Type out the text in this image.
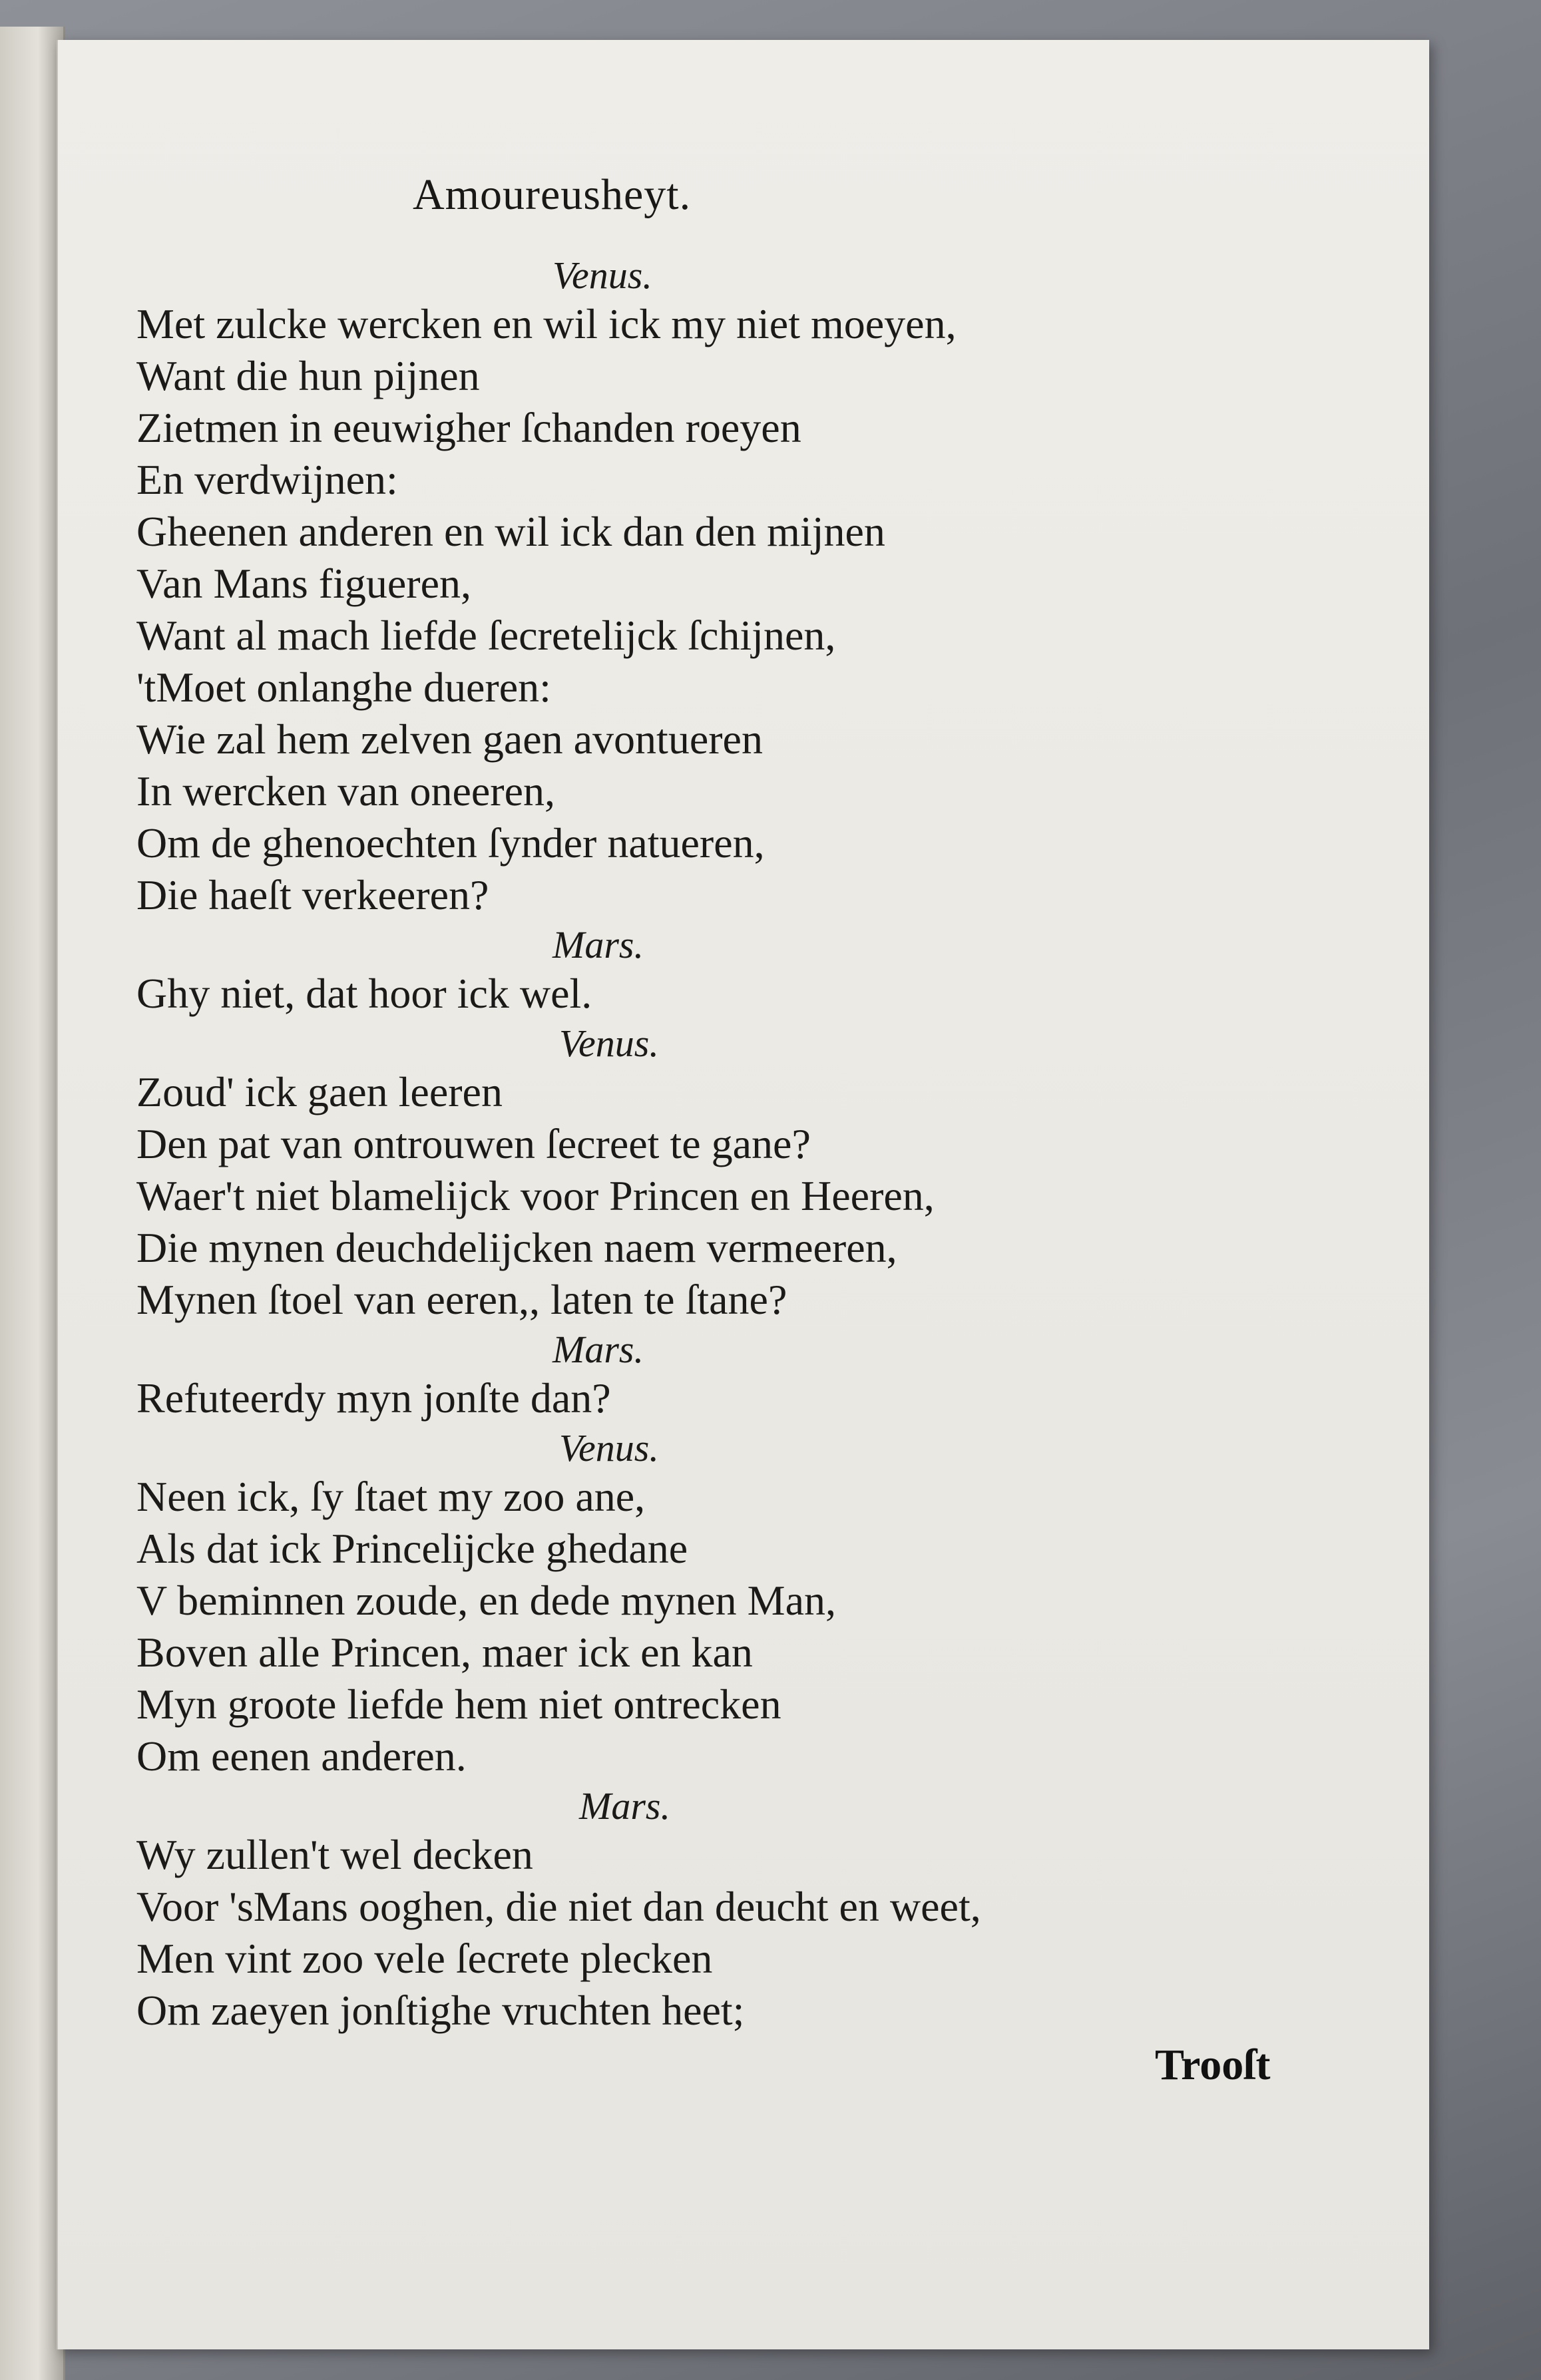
Amoureusheyt.
Venus.
Met zulcke wercken en wil ick my niet moeyen,
Want die hun pijnen
Zietmen in eeuwigher ſchanden roeyen
En verdwijnen:
Gheenen anderen en wil ick dan den mijnen
Van Mans figueren,
Want al mach liefde ſecretelijck ſchijnen,
'tMoet onlanghe dueren:
Wie zal hem zelven gaen avontueren
In wercken van oneeren,
Om de ghenoechten ſynder natueren,
Die haeſt verkeeren?
Mars.
Ghy niet, dat hoor ick wel.
Venus.
Zoud' ick gaen leeren
Den pat van ontrouwen ſecreet te gane?
Waer't niet blamelijck voor Princen en Heeren,
Die mynen deuchdelijcken naem vermeeren,
Mynen ſtoel van eeren,, laten te ſtane?
Mars.
Refuteerdy myn jonſte dan?
Venus.
Neen ick, ſy ſtaet my zoo ane,
Als dat ick Princelijcke ghedane
V beminnen zoude, en dede mynen Man,
Boven alle Princen, maer ick en kan
Myn groote liefde hem niet ontrecken
Om eenen anderen.
Mars.
Wy zullen't wel decken
Voor 'sMans ooghen, die niet dan deucht en weet,
Men vint zoo vele ſecrete plecken
Om zaeyen jonſtighe vruchten heet;
Trooſt
